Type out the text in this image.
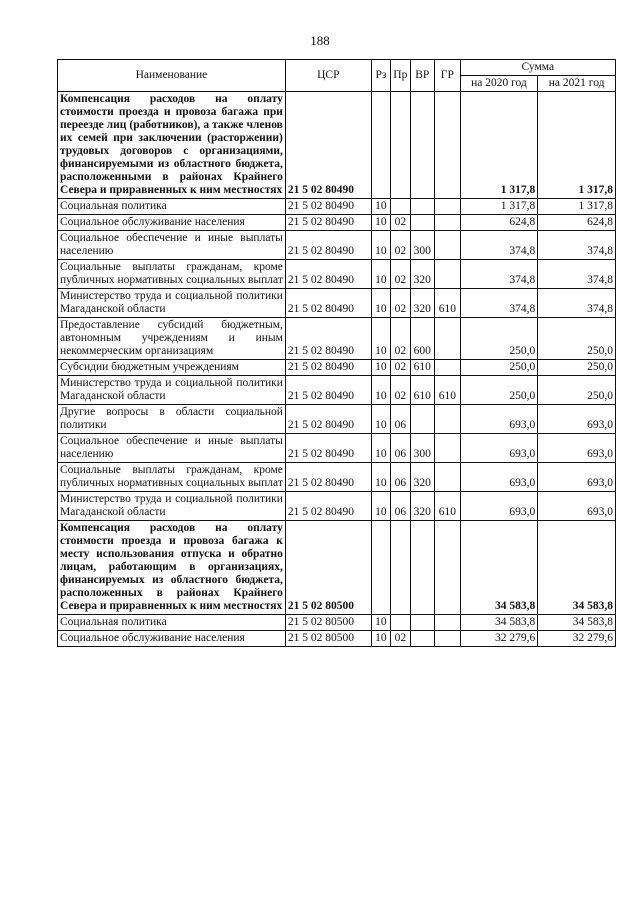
188
Наименование	ЦСР	Рз	Пр	ВР	ГР	Сумма	
						на 2020 год	на 2021 год
Компенсация расходов на оплату стоимости проезда и провоза багажа при переезде лиц (работников), а также членов их семей при заключении (расторжении) трудовых договоров с организациями, финансируемыми из областного бюджета, расположенными в районах Крайнего Севера и приравненных к ним местностях	21 5 02 80490					1 317,8	1 317,8
Социальная политика	21 5 02 80490	10				1 317,8	1 317,8
Социальное обслуживание населения	21 5 02 80490	10	02			624,8	624,8
Социальное обеспечение и иные выплаты населению	21 5 02 80490	10	02	300		374,8	374,8
Социальные выплаты гражданам, кроме публичных нормативных социальных выплат	21 5 02 80490	10	02	320		374,8	374,8
Министерство труда и социальной политики Магаданской области	21 5 02 80490	10	02	320	610	374,8	374,8
Предоставление субсидий бюджетным, автономным учреждениям и иным некоммерческим организациям	21 5 02 80490	10	02	600		250,0	250,0
Субсидии бюджетным учреждениям	21 5 02 80490	10	02	610		250,0	250,0
Министерство труда и социальной политики Магаданской области	21 5 02 80490	10	02	610	610	250,0	250,0
Другие вопросы в области социальной политики	21 5 02 80490	10	06			693,0	693,0
Социальное обеспечение и иные выплаты населению	21 5 02 80490	10	06	300		693,0	693,0
Социальные выплаты гражданам, кроме публичных нормативных социальных выплат	21 5 02 80490	10	06	320		693,0	693,0
Министерство труда и социальной политики Магаданской области	21 5 02 80490	10	06	320	610	693,0	693,0
Компенсация расходов на оплату стоимости проезда и провоза багажа к месту использования отпуска и обратно лицам, работающим в организациях, финансируемых из областного бюджета, расположенных в районах Крайнего Севера и приравненных к ним местностях	21 5 02 80500					34 583,8	34 583,8
Социальная политика	21 5 02 80500	10				34 583,8	34 583,8
Социальное обслуживание населения	21 5 02 80500	10	02			32 279,6	32 279,6
